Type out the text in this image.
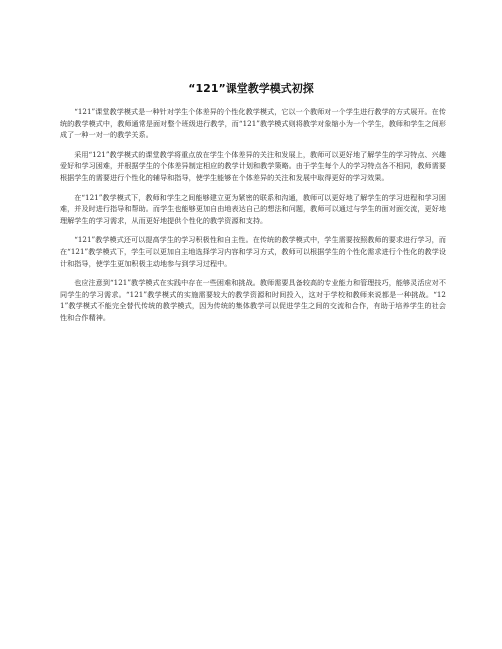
“121”课堂教学模式初探

“121”课堂教学模式是一种针对学生个体差异的个性化教学模式，它以一个教师对一个学生进行教学的方式展开。在传统的教学模式中，教师通常是面对整个班级进行教学，而“121”教学模式则将教学对象缩小为一个学生，教师和学生之间形成了一种一对一的教学关系。

采用“121”教学模式的课堂教学将重点放在学生个体差异的关注和发展上，教师可以更好地了解学生的学习特点、兴趣爱好和学习困难，并根据学生的个体差异制定相应的教学计划和教学策略。由于学生每个人的学习特点各不相同，教师需要根据学生的需要进行个性化的辅导和指导，使学生能够在个体差异的关注和发展中取得更好的学习效果。

在“121”教学模式下，教师和学生之间能够建立更为紧密的联系和沟通，教师可以更好地了解学生的学习进程和学习困难，并及时进行指导和帮助。而学生也能够更加自由地表达自己的想法和问题，教师可以通过与学生的面对面交流，更好地理解学生的学习需求，从而更好地提供个性化的教学资源和支持。

“121”教学模式还可以提高学生的学习积极性和自主性。在传统的教学模式中，学生需要按照教师的要求进行学习，而在“121”教学模式下，学生可以更加自主地选择学习内容和学习方式，教师可以根据学生的个性化需求进行个性化的教学设计和指导，使学生更加积极主动地参与到学习过程中。

也应注意到“121”教学模式在实践中存在一些困难和挑战。教师需要具备较高的专业能力和管理技巧，能够灵活应对不同学生的学习需求。“121”教学模式的实施需要较大的教学资源和时间投入，这对于学校和教师来说都是一种挑战。“121”教学模式不能完全替代传统的教学模式，因为传统的集体教学可以促进学生之间的交流和合作，有助于培养学生的社会性和合作精神。
